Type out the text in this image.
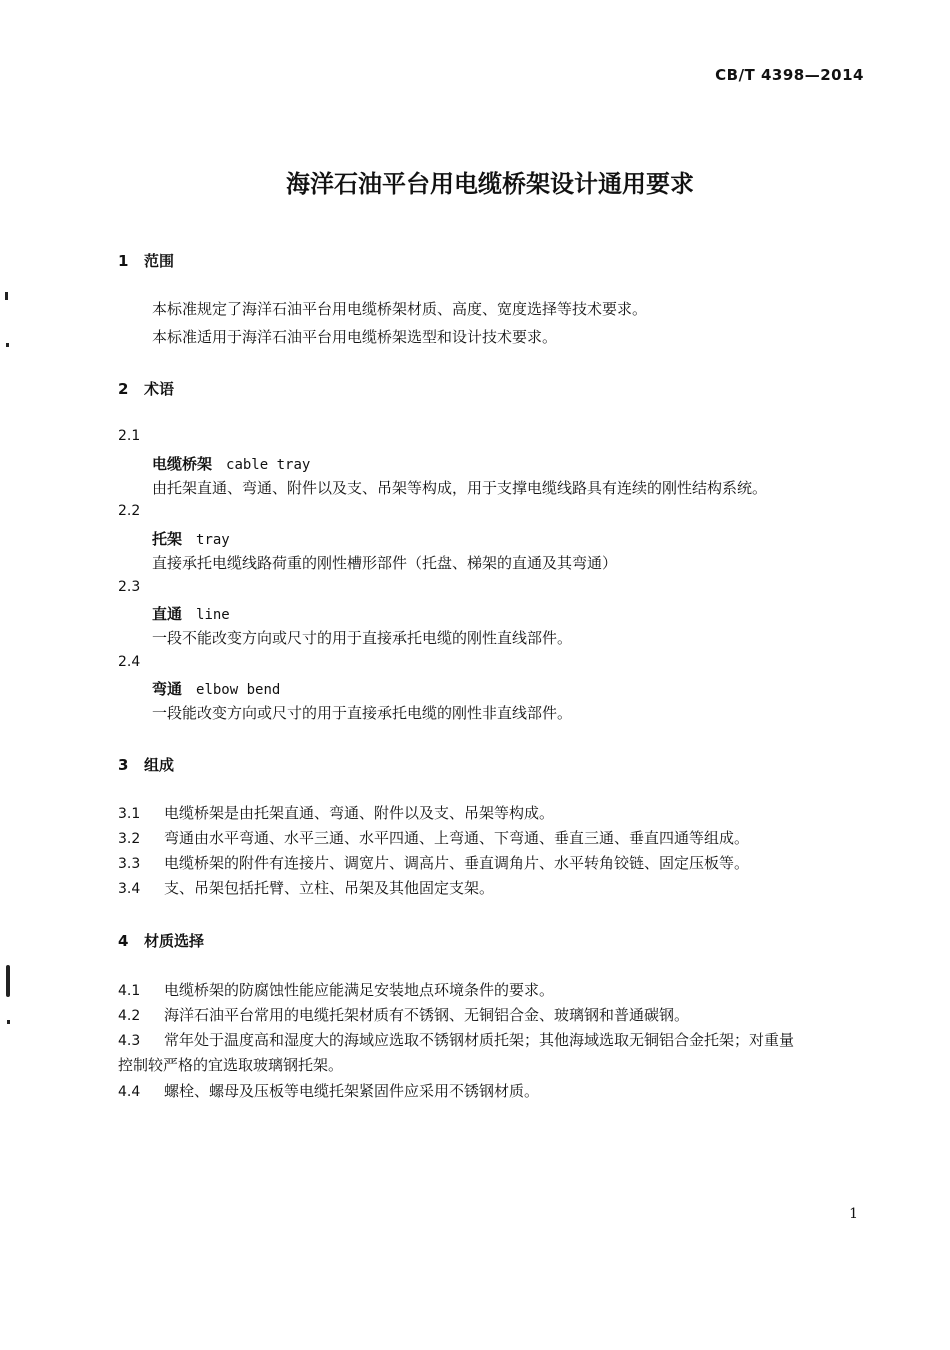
CB/T 4398—2014
海洋石油平台用电缆桥架设计通用要求
1 范围
本标准规定了海洋石油平台用电缆桥架材质、高度、宽度选择等技术要求。
本标准适用于海洋石油平台用电缆桥架选型和设计技术要求。
2 术语
2.1
电缆桥架 cable tray
由托架直通、弯通、附件以及支、吊架等构成，用于支撑电缆线路具有连续的刚性结构系统。
2.2
托架 tray
直接承托电缆线路荷重的刚性槽形部件（托盘、梯架的直通及其弯通）
2.3
直通 line
一段不能改变方向或尺寸的用于直接承托电缆的刚性直线部件。
2.4
弯通 elbow bend
一段能改变方向或尺寸的用于直接承托电缆的刚性非直线部件。
3 组成
3.1 电缆桥架是由托架直通、弯通、附件以及支、吊架等构成。
3.2 弯通由水平弯通、水平三通、水平四通、上弯通、下弯通、垂直三通、垂直四通等组成。
3.3 电缆桥架的附件有连接片、调宽片、调高片、垂直调角片、水平转角铰链、固定压板等。
3.4 支、吊架包括托臂、立柱、吊架及其他固定支架。
4 材质选择
4.1 电缆桥架的防腐蚀性能应能满足安装地点环境条件的要求。
4.2 海洋石油平台常用的电缆托架材质有不锈钢、无铜铝合金、玻璃钢和普通碳钢。
4.3 常年处于温度高和湿度大的海域应选取不锈钢材质托架；其他海域选取无铜铝合金托架；对重量
控制较严格的宜选取玻璃钢托架。
4.4 螺栓、螺母及压板等电缆托架紧固件应采用不锈钢材质。
1
